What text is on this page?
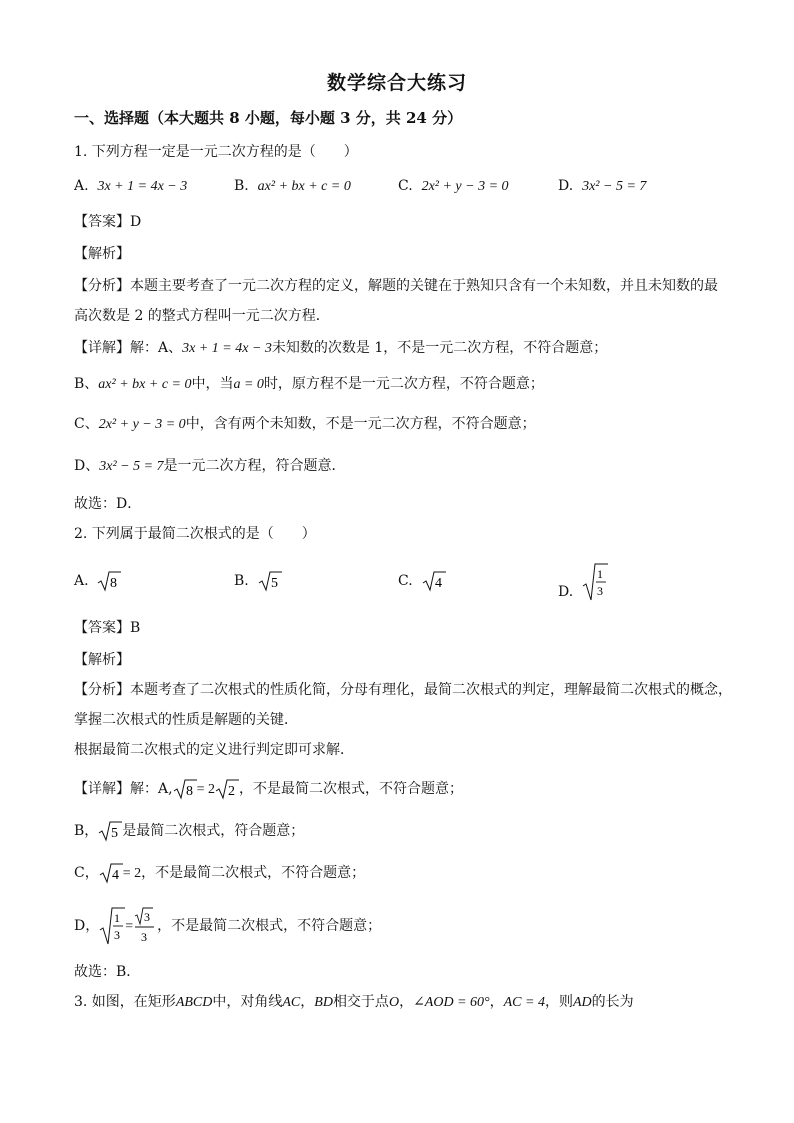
数学综合大练习
一、选择题（本大题共 8 小题，每小题 3 分，共 24 分）
1. 下列方程一定是一元二次方程的是（　　）
A. 3x + 1 = 4x − 3	B. ax² + bx + c = 0	C. 2x² + y − 3 = 0	D. 3x² − 5 = 7
【答案】D
【解析】
【分析】本题主要考查了一元二次方程的定义，解题的关键在于熟知只含有一个未知数，并且未知数的最
高次数是 2 的整式方程叫一元二次方程．
【详解】解：A、3x + 1 = 4x − 3未知数的次数是 1，不是一元二次方程，不符合题意；
B、ax² + bx + c = 0中，当a = 0时，原方程不是一元二次方程，不符合题意；
C、2x² + y − 3 = 0中，含有两个未知数，不是一元二次方程，不符合题意；
D、3x² − 5 = 7是一元二次方程，符合题意．
故选：D．
2. 下列属于最简二次根式的是（　　）
A. 8	B. 5	C. 4
D.
1
3
【答案】B
【解析】
【分析】本题考查了二次根式的性质化简，分母有理化，最简二次根式的判定，理解最简二次根式的概念，
掌握二次根式的性质是解题的关键．
根据最简二次根式的定义进行判定即可求解．
【详解】解：A, 8 = 2 2 ，不是最简二次根式，不符合题意；
B， 5 是最简二次根式，符合题意；
C， 4 = 2，不是最简二次根式，不符合题意；
D， 1
3
=
3
3
，不是最简二次根式，不符合题意；
故选：B．
3. 如图，在矩形ABCD中，对角线AC，BD相交于点O，∠AOD = 60°，AC = 4，则AD的长为
